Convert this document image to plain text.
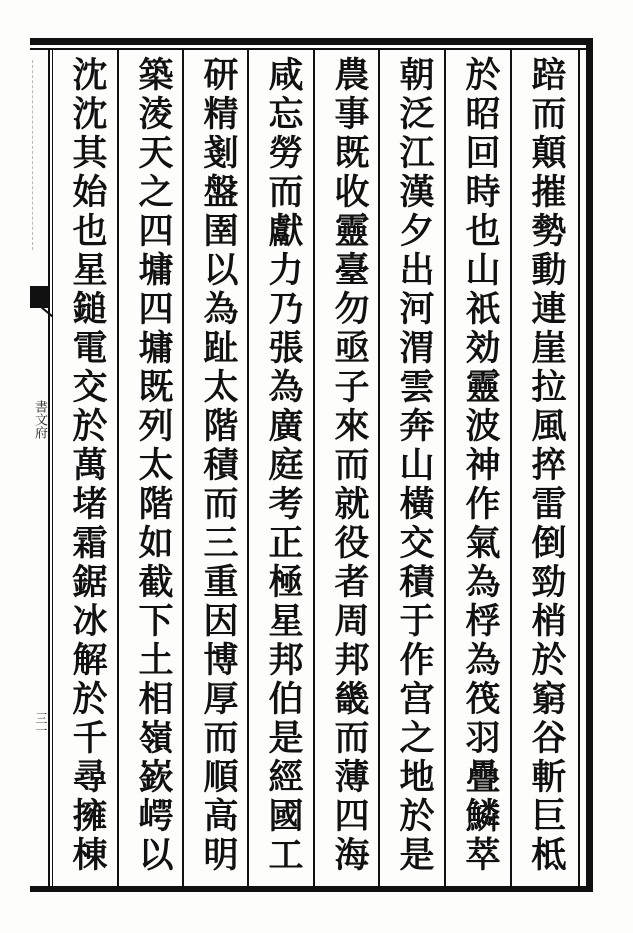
書文府
三一	踣而顛摧勢動連崖拉風捽雷倒勁梢於窮谷斬巨柢
於昭回時也山祇効靈波神作氣為桴為筏羽疊鱗萃
朝泛江漢夕出河渭雲奔山橫交積于作宫之地於是
農事既收靈臺勿亟子來而就役者周邦畿而薄四海
咸忘勞而獻力乃張為廣庭考正極星邦伯是經國工
研精剗盤圉以為趾太階積而三重因博厚而順高明
築淩天之四墉四墉既列太階如截下土相嶺嶔崿以
沈沈其始也星鎚電交於萬堵霜鋸冰解於千尋擁棟
